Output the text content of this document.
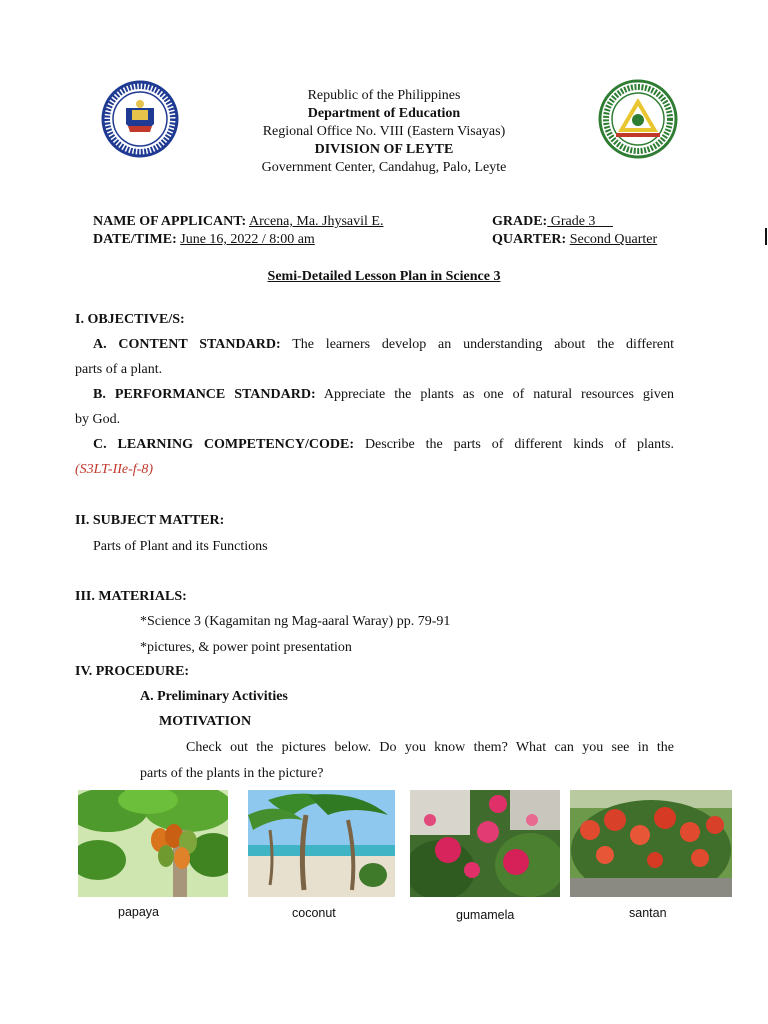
Republic of the Philippines
Department of Education
Regional Office No. VIII (Eastern Visayas)
DIVISION OF LEYTE
Government Center, Candahug, Palo, Leyte
NAME OF APPLICANT: Arcena, Ma. Jhysavil E.	GRADE: Grade 3
DATE/TIME: June 16, 2022 / 8:00 am	QUARTER: Second Quarter
Semi-Detailed Lesson Plan in Science 3
I. OBJECTIVE/S:
A. CONTENT STANDARD: The learners develop an understanding about the different
parts of a plant.
B. PERFORMANCE STANDARD: Appreciate the plants as one of natural resources given
by God.
C. LEARNING COMPETENCY/CODE: Describe the parts of different kinds of plants.
(S3LT-IIe-f-8)
II. SUBJECT MATTER:
Parts of Plant and its Functions
III. MATERIALS:
*Science 3 (Kagamitan ng Mag-aaral Waray) pp. 79-91
*pictures, & power point presentation
IV. PROCEDURE:
A. Preliminary Activities
MOTIVATION
Check out the pictures below. Do you know them? What can you see in the
parts of the plants in the picture?
papaya	coconut	gumamela	santan
